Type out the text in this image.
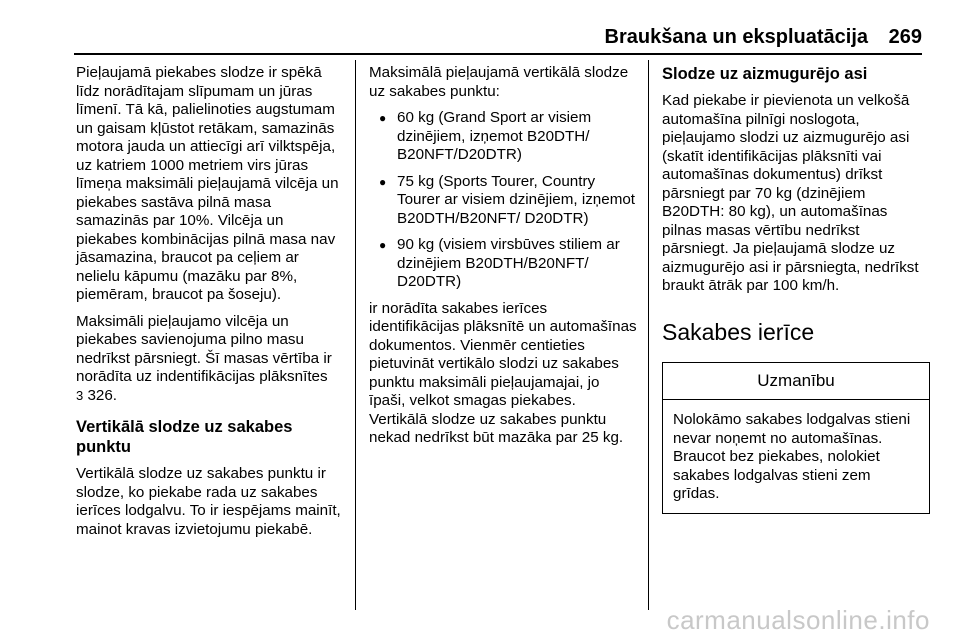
Braukšana un ekspluatācija 269

Pieļaujamā piekabes slodze ir spēkā līdz norādītajam slīpumam un jūras līmenī. Tā kā, palielinoties augstumam un gaisam kļūstot retākam, samazinās motora jauda un attiecīgi arī vilktspēja, uz katriem 1000 metriem virs jūras līmeņa maksimāli pieļaujamā vilcēja un piekabes sastāva pilnā masa samazinās par 10%. Vilcēja un piekabes kombinācijas pilnā masa nav jāsamazina, braucot pa ceļiem ar nelielu kāpumu (mazāku par 8%, piemēram, braucot pa šoseju).

Maksimāli pieļaujamo vilcēja un piekabes savienojuma pilno masu nedrīkst pārsniegt. Šī masas vērtība ir norādīta uz indentifikācijas plāksnītes
3 326.

Vertikālā slodze uz sakabes punktu

Vertikālā slodze uz sakabes punktu ir slodze, ko piekabe rada uz sakabes ierīces lodgalvu. To ir iespējams mainīt, mainot kravas izvietojumu piekabē.

Maksimālā pieļaujamā vertikālā slodze uz sakabes punktu:

● 60 kg (Grand Sport ar visiem dzinējiem, izņemot B20DTH/ B20NFT/D20DTR)
● 75 kg (Sports Tourer, Country Tourer ar visiem dzinējiem, izņemot B20DTH/B20NFT/ D20DTR)
● 90 kg (visiem virsbūves stiliem ar dzinējiem B20DTH/B20NFT/ D20DTR)

ir norādīta sakabes ierīces identifikācijas plāksnītē un automašīnas dokumentos. Vienmēr centieties pietuvināt vertikālo slodzi uz sakabes punktu maksimāli pieļaujamajai, jo īpaši, velkot smagas piekabes. Vertikālā slodze uz sakabes punktu nekad nedrīkst būt mazāka par 25 kg.

Slodze uz aizmugurējo asi

Kad piekabe ir pievienota un velkošā automašīna pilnīgi noslogota, pieļaujamo slodzi uz aizmugurējo asi (skatīt identifikācijas plāksnīti vai automašīnas dokumentus) drīkst pārsniegt par 70 kg (dzinējiem B20DTH: 80 kg), un automašīnas pilnas masas vērtību nedrīkst pārsniegt. Ja pieļaujamā slodze uz aizmugurējo asi ir pārsniegta, nedrīkst braukt ātrāk par 100 km/h.

Sakabes ierīce
Uzmanību
Nolokāmo sakabes lodgalvas stieni nevar noņemt no automašīnas. Braucot bez piekabes, nolokiet sakabes lodgalvas stieni zem grīdas.
carmanualsonline.info
